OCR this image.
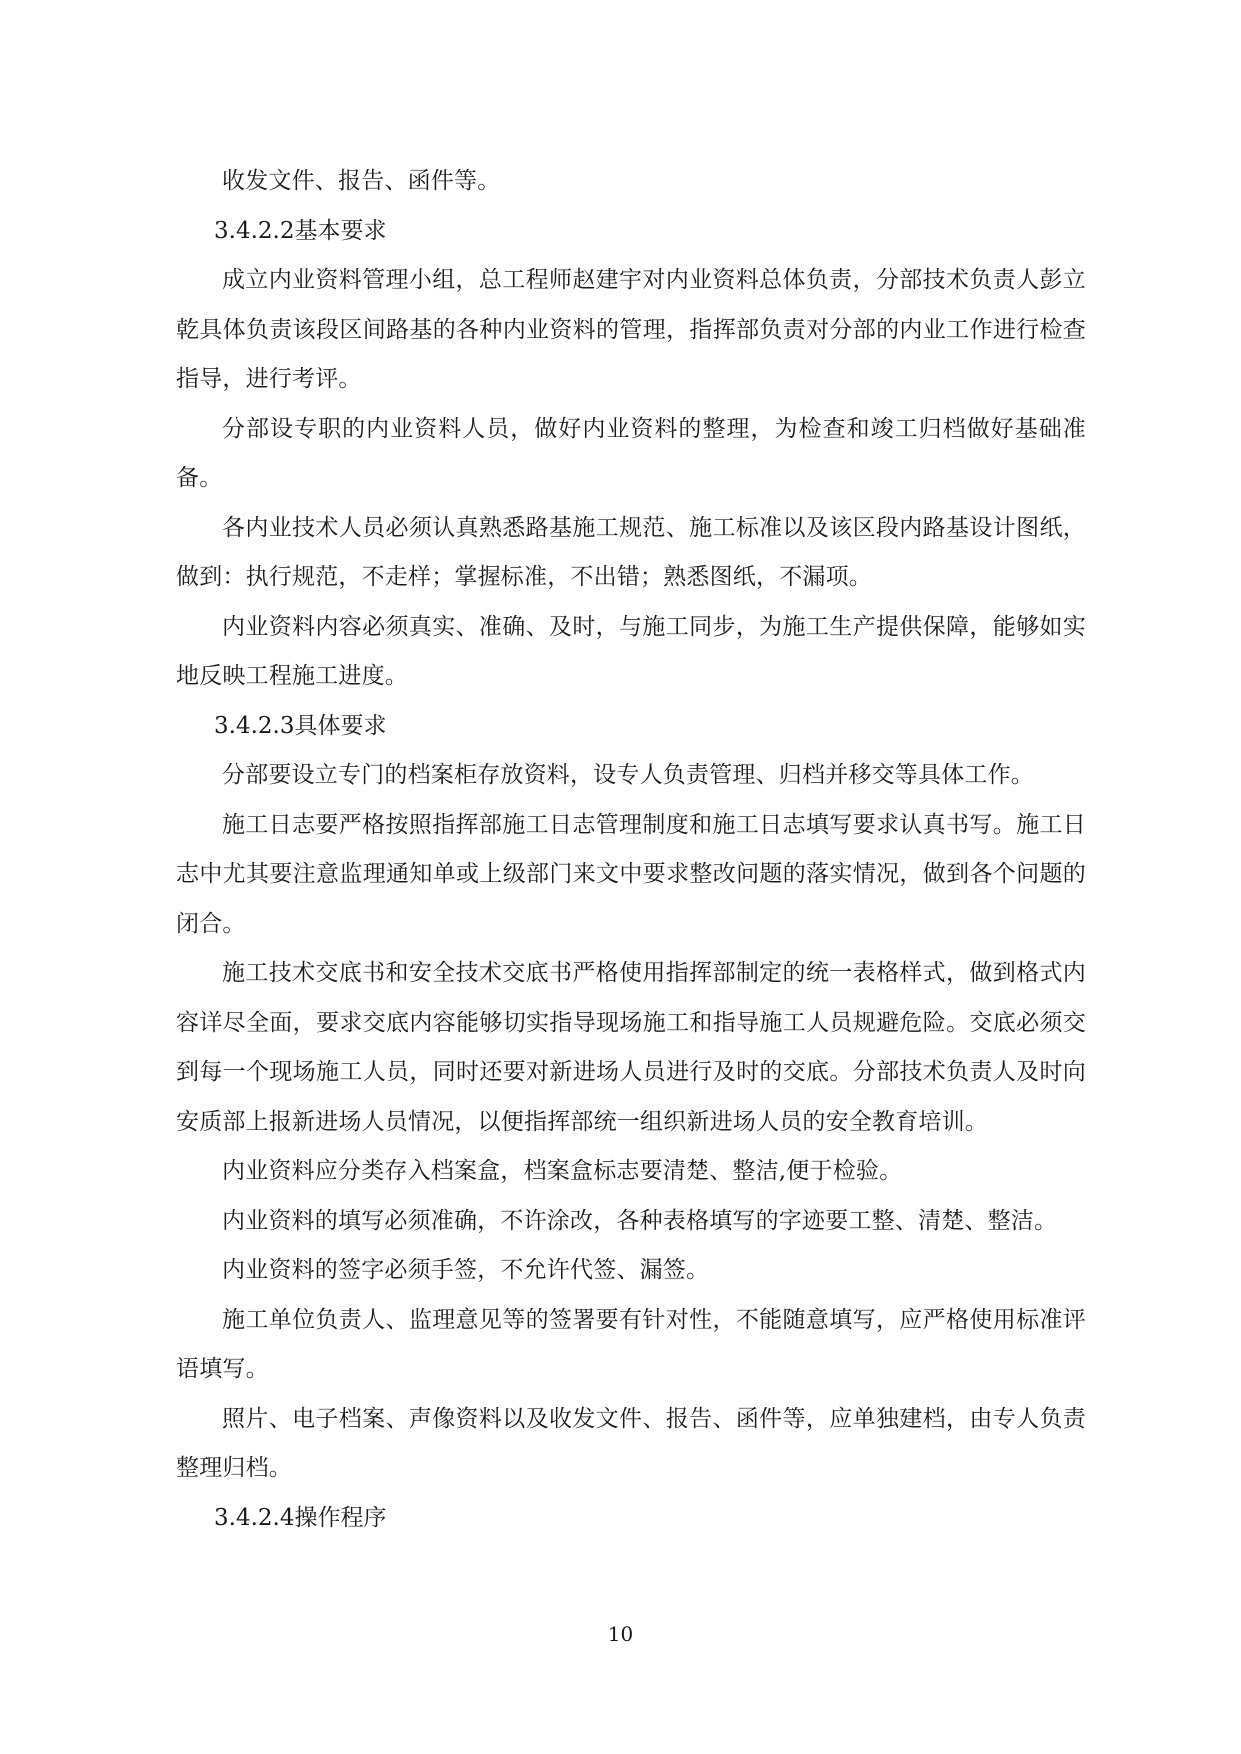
收发文件、报告、函件等。

3.4.2.2基本要求

成立内业资料管理小组，总工程师赵建宇对内业资料总体负责，分部技术负责人彭立乾具体负责该段区间路基的各种内业资料的管理，指挥部负责对分部的内业工作进行检查指导，进行考评。

分部设专职的内业资料人员，做好内业资料的整理，为检查和竣工归档做好基础准备。

各内业技术人员必须认真熟悉路基施工规范、施工标准以及该区段内路基设计图纸，做到：执行规范，不走样；掌握标准，不出错；熟悉图纸，不漏项。

内业资料内容必须真实、准确、及时，与施工同步，为施工生产提供保障，能够如实地反映工程施工进度。

3.4.2.3具体要求

分部要设立专门的档案柜存放资料，设专人负责管理、归档并移交等具体工作。

施工日志要严格按照指挥部施工日志管理制度和施工日志填写要求认真书写。施工日志中尤其要注意监理通知单或上级部门来文中要求整改问题的落实情况，做到各个问题的闭合。

施工技术交底书和安全技术交底书严格使用指挥部制定的统一表格样式，做到格式内容详尽全面，要求交底内容能够切实指导现场施工和指导施工人员规避危险。交底必须交到每一个现场施工人员，同时还要对新进场人员进行及时的交底。分部技术负责人及时向安质部上报新进场人员情况，以便指挥部统一组织新进场人员的安全教育培训。

内业资料应分类存入档案盒，档案盒标志要清楚、整洁,便于检验。

内业资料的填写必须准确，不许涂改，各种表格填写的字迹要工整、清楚、整洁。

内业资料的签字必须手签，不允许代签、漏签。

施工单位负责人、监理意见等的签署要有针对性，不能随意填写，应严格使用标准评语填写。

照片、电子档案、声像资料以及收发文件、报告、函件等，应单独建档，由专人负责整理归档。

3.4.2.4操作程序

10
